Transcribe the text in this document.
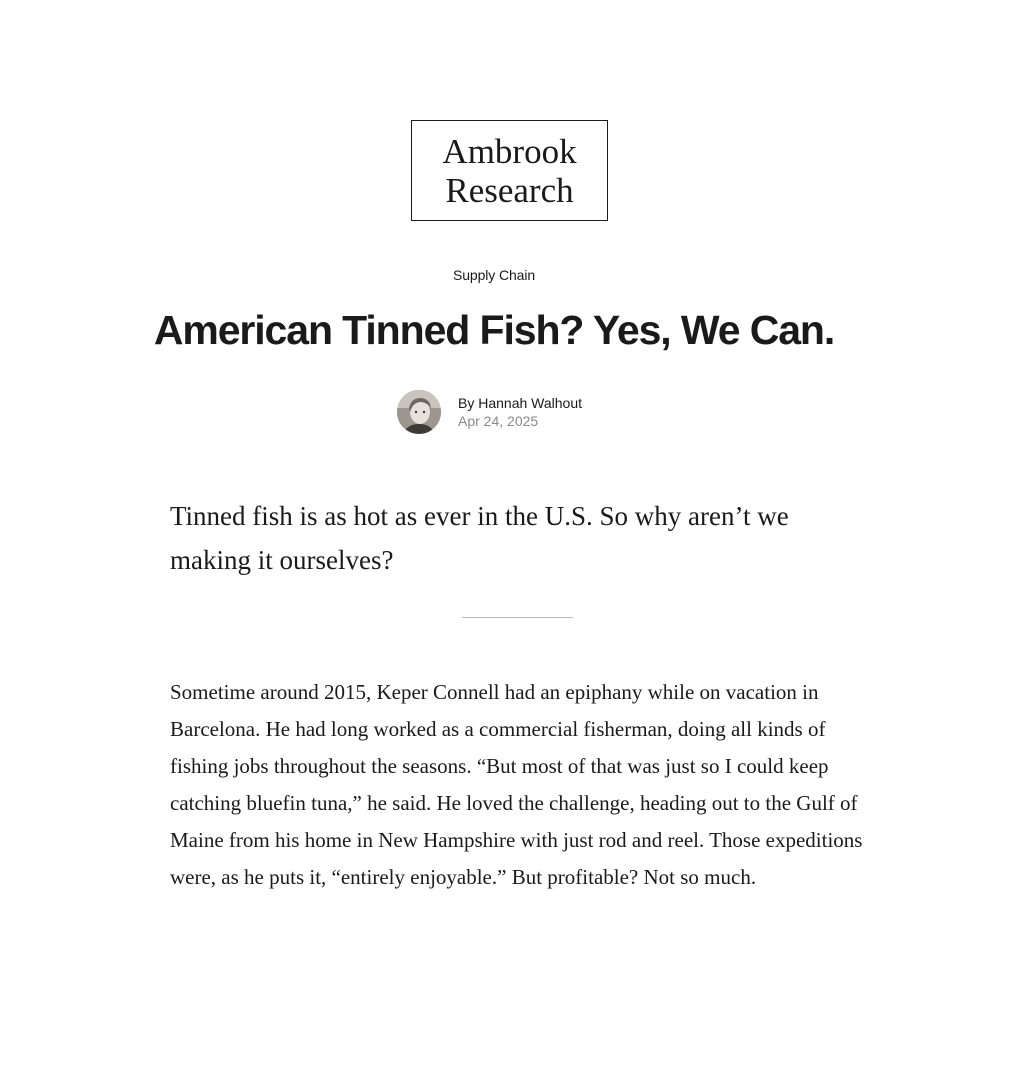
Ambrook
Research
Supply Chain
American Tinned Fish? Yes, We Can.
By Hannah Walhout
Apr 24, 2025

Tinned fish is as hot as ever in the U.S. So why aren’t we making it ourselves?

Sometime around 2015, Keper Connell had an epiphany while on vacation in Barcelona. He had long worked as a commercial fisherman, doing all kinds of fishing jobs throughout the seasons. “But most of that was just so I could keep catching bluefin tuna,” he said. He loved the challenge, heading out to the Gulf of Maine from his home in New Hampshire with just rod and reel. Those expeditions were, as he puts it, “entirely enjoyable.” But profitable? Not so much.
